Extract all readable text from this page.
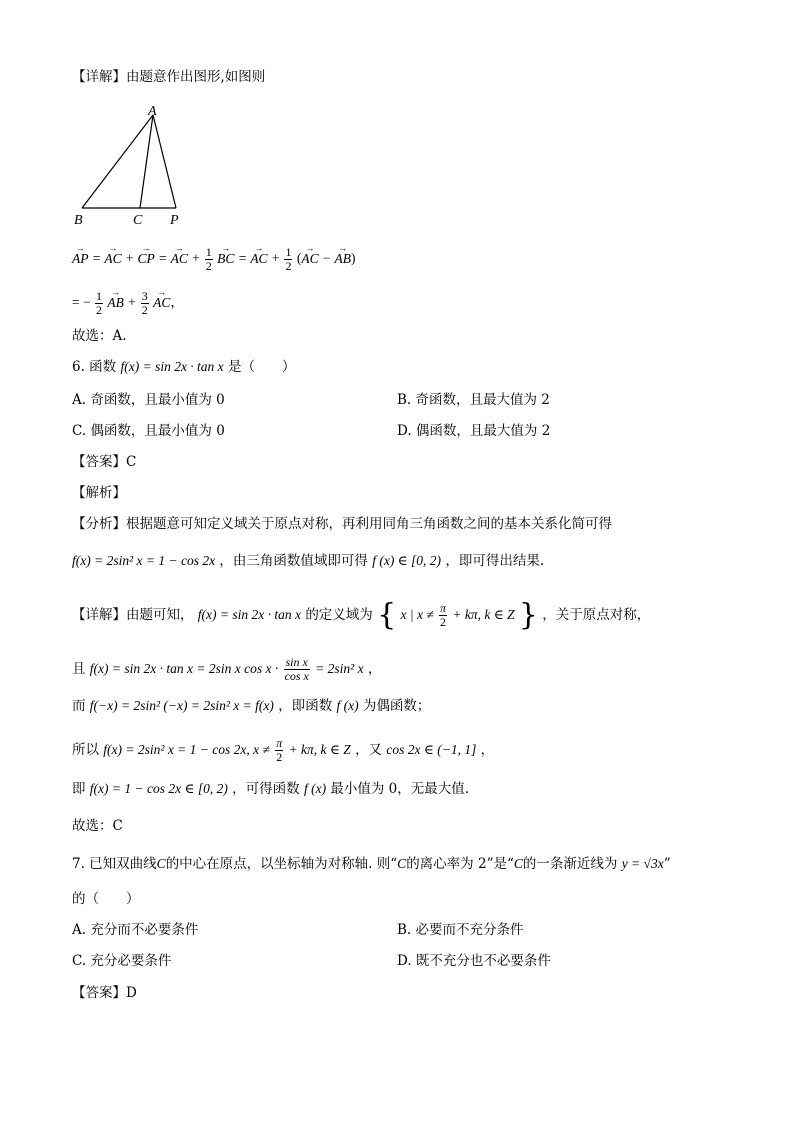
【详解】由题意作出图形,如图则
A
B	C P
→ AP = → AC + → CP = → AC + $\frac{1}{2}$ → BC = → AC + $\frac{1}{2}$ (→ AC − → AB)
= − $\frac{1}{2}$ → AB + $\frac{3}{2}$ → AC，
故选：A.
6. 函数 f(x) = sin 2x · tan x 是（　　）
A. 奇函数，且最小值为 0	B. 奇函数，且最大值为 2
C. 偶函数，且最小值为 0	D. 偶函数，且最大值为 2
【答案】C
【解析】
【分析】根据题意可知定义域关于原点对称，再利用同角三角函数之间的基本关系化简可得
f(x) = 2sin² x = 1 − cos 2x ，由三角函数值域即可得 f (x) ∈ [0, 2) ，即可得出结果.
【详解】由题可知， f(x) = sin 2x · tan x 的定义域为 { x | $x \ne \frac{\pi}{2} + k\pi$, k ∈ Z } ，关于原点对称，
且 f(x) = sin 2x · tan x = 2sin x $\cos x \cdot \frac{\text{sin x}}{\text{cos x}} = 2\sin^2$ x ，
而 f(−x) = 2sin² (−x) = 2sin² x = f(x) ，即函数 f (x) 为偶函数；
所以 f(x) = 2sin² x = 1 − cos 2x, $x \ne \frac{\pi}{2} + k\pi$, k ∈ Z ，又 cos 2x ∈ (−1, 1] ，
即 f(x) = 1 − cos 2x ∈ [0, 2) ，可得函数 f (x) 最小值为 0，无最大值.
故选：C
7. 已知双曲线C的中心在原点，以坐标轴为对称轴. 则“C的离心率为 2”是“C的一条渐近线为 y = √3x”
的（　　）
A. 充分而不必要条件	B. 必要而不充分条件
C. 充分必要条件	D. 既不充分也不必要条件
【答案】D
